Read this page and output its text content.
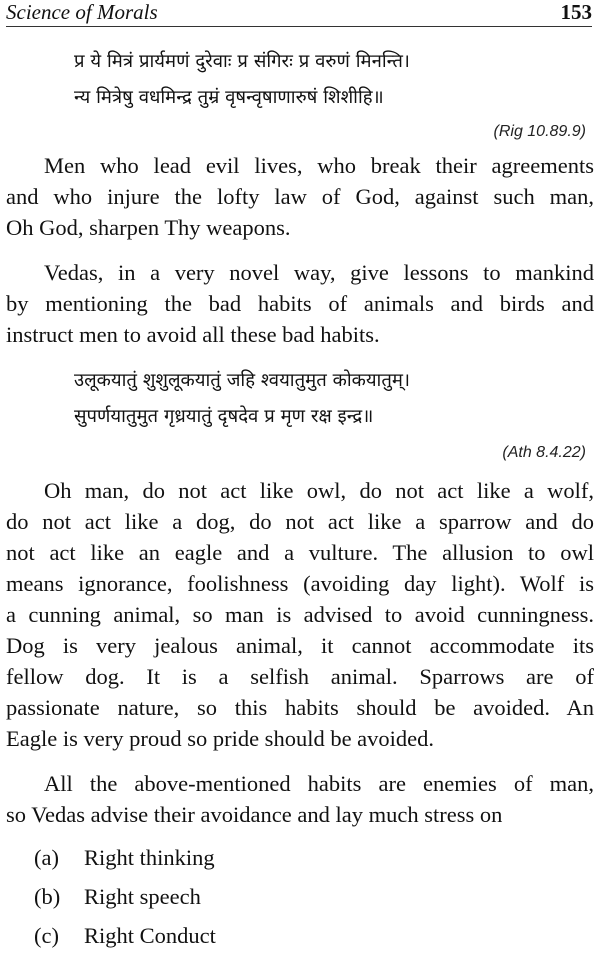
Science of Morals	153
प्र ये मित्रं प्रार्यमणं दुरेवाः प्र संगिरः प्र वरुणं मिनन्ति।
न्य मित्रेषु वधमिन्द्र तुम्रं वृषन्वृषाणारुषं शिशीहि॥
(Rig 10.89.9)
Men who lead evil lives, who break their agreements
and who injure the lofty law of God, against such man,
Oh God, sharpen Thy weapons.
Vedas, in a very novel way, give lessons to mankind
by mentioning the bad habits of animals and birds and
instruct men to avoid all these bad habits.
उलूकयातुं शुशुलूकयातुं जहि श्वयातुमुत कोकयातुम्।
सुपर्णयातुमुत गृध्रयातुं दृषदेव प्र मृण रक्ष इन्द्र॥
(Ath 8.4.22)
Oh man, do not act like owl, do not act like a wolf,
do not act like a dog, do not act like a sparrow and do
not act like an eagle and a vulture. The allusion to owl
means ignorance, foolishness (avoiding day light). Wolf is
a cunning animal, so man is advised to avoid cunningness.
Dog is very jealous animal, it cannot accommodate its
fellow dog. It is a selfish animal. Sparrows are of
passionate nature, so this habits should be avoided. An
Eagle is very proud so pride should be avoided.
All the above-mentioned habits are enemies of man,
so Vedas advise their avoidance and lay much stress on
(a) Right thinking
(b) Right speech
(c) Right Conduct
